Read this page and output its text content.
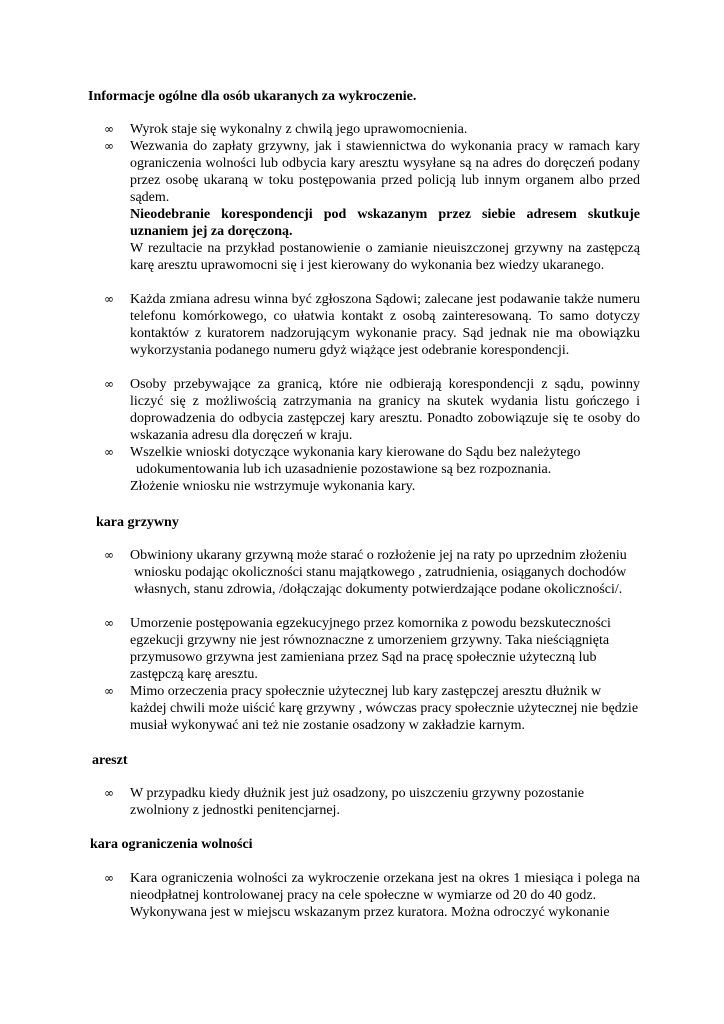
Informacje ogólne dla osób ukaranych za wykroczenie.
∞	Wyrok staje się wykonalny z chwilą jego uprawomocnienia.

∞	Wezwania do zapłaty grzywny, jak i stawiennictwa do wykonania pracy w ramach kary ograniczenia wolności lub odbycia kary aresztu wysyłane są na adres do doręczeń podany przez osobę ukaraną w toku postępowania przed policją lub innym organem albo przed sądem.

Nieodebranie korespondencji pod wskazanym przez siebie adresem skutkuje uznaniem jej za doręczoną.

W rezultacie na przykład postanowienie o zamianie nieuiszczonej grzywny na zastępczą karę aresztu uprawomocni się i jest kierowany do wykonania bez wiedzy ukaranego.

∞	Każda zmiana adresu winna być zgłoszona Sądowi; zalecane jest podawanie także numeru telefonu komórkowego, co ułatwia kontakt z osobą zainteresowaną. To samo dotyczy kontaktów z kuratorem nadzorującym wykonanie pracy. Sąd jednak nie ma obowiązku wykorzystania podanego numeru gdyż wiążące jest odebranie korespondencji.

∞	Osoby przebywające za granicą, które nie odbierają korespondencji z sądu, powinny liczyć się z możliwością zatrzymania na granicy na skutek wydania listu gończego i doprowadzenia do odbycia zastępczej kary aresztu. Ponadto zobowiązuje się te osoby do wskazania adresu dla doręczeń w kraju.

∞	Wszelkie wnioski dotyczące wykonania kary kierowane do Sądu bez należytego

udokumentowania lub ich uzasadnienie pozostawione są bez rozpoznania.

Złożenie wniosku nie wstrzymuje wykonania kary.

kara grzywny
∞	Obwiniony ukarany grzywną może starać o rozłożenie jej na raty po uprzednim złożeniu wniosku podając okoliczności stanu majątkowego , zatrudnienia, osiąganych dochodów własnych, stanu zdrowia, /dołączając dokumenty potwierdzające podane okoliczności/.

∞	Umorzenie postępowania egzekucyjnego przez komornika z powodu bezskuteczności egzekucji grzywny nie jest równoznaczne z umorzeniem grzywny. Taka nieściągnięta przymusowo grzywna jest zamieniana przez Sąd na pracę społecznie użyteczną lub zastępczą karę aresztu.

∞	Mimo orzeczenia pracy społecznie użytecznej lub kary zastępczej aresztu dłużnik w każdej chwili może uiścić karę grzywny , wówczas pracy społecznie użytecznej nie będzie musiał wykonywać ani też nie zostanie osadzony w zakładzie karnym.

areszt
∞	W przypadku kiedy dłużnik jest już osadzony, po uiszczeniu grzywny pozostanie zwolniony z jednostki penitencjarnej.

kara ograniczenia wolności
∞	Kara ograniczenia wolności za wykroczenie orzekana jest na okres 1 miesiąca i polega na nieodpłatnej kontrolowanej pracy na cele społeczne w wymiarze od 20 do 40 godz.

Wykonywana jest w miejscu wskazanym przez kuratora. Można odroczyć wykonanie
